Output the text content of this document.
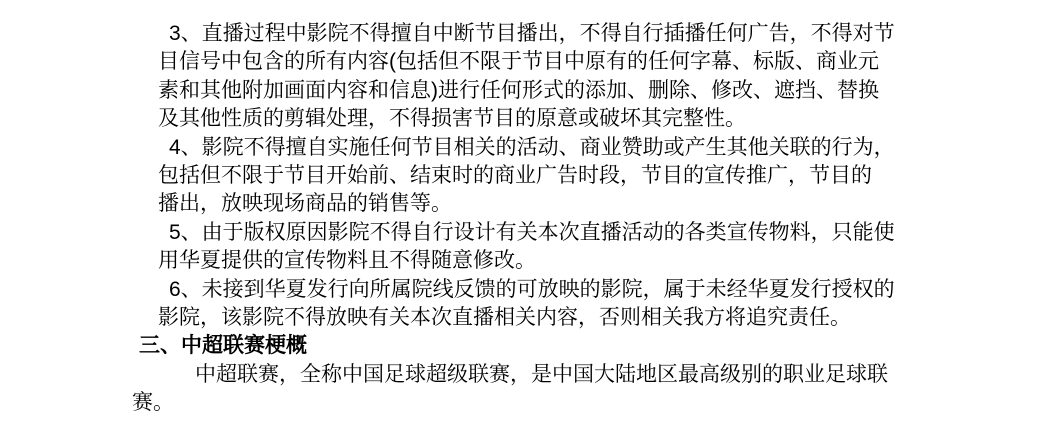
3、直播过程中影院不得擅自中断节目播出，不得自行插播任何广告，不得对节
目信号中包含的所有内容(包括但不限于节目中原有的任何字幕、标版、商业元
素和其他附加画面内容和信息)进行任何形式的添加、删除、修改、遮挡、替换
及其他性质的剪辑处理，不得损害节目的原意或破坏其完整性。
4、影院不得擅自实施任何节目相关的活动、商业赞助或产生其他关联的行为，
包括但不限于节目开始前、结束时的商业广告时段，节目的宣传推广，节目的
播出，放映现场商品的销售等。
5、由于版权原因影院不得自行设计有关本次直播活动的各类宣传物料，只能使
用华夏提供的宣传物料且不得随意修改。
6、未接到华夏发行向所属院线反馈的可放映的影院，属于未经华夏发行授权的
影院，该影院不得放映有关本次直播相关内容，否则相关我方将追究责任。
三、中超联赛梗概
中超联赛，全称中国足球超级联赛，是中国大陆地区最高级别的职业足球联
赛。
